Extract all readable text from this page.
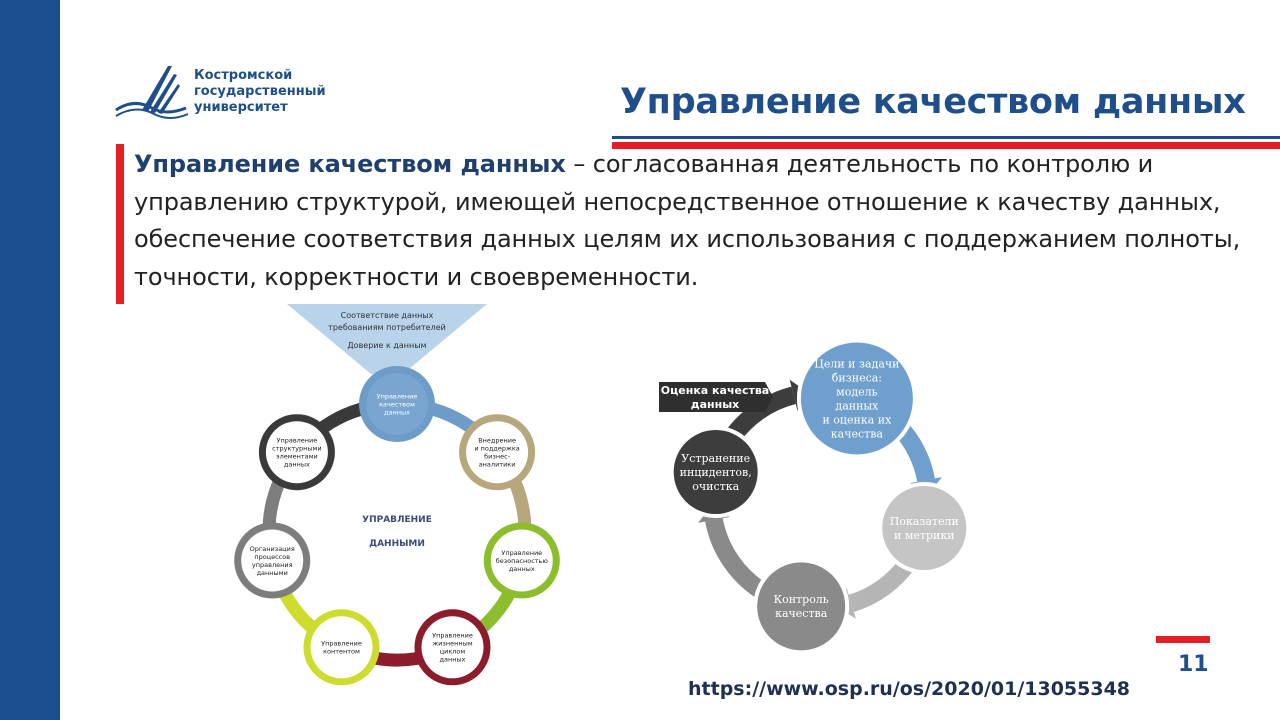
Костромской
государственный
университет	Управление качеством данных
Управление качеством данных – согласованная деятельность по контролю и управлению структурой, имеющей непосредственное отношение к качеству данных, обеспечение соответствия данных целям их использования с поддержанием полноты, точности, корректности и своевременности.
Соответствие данных
требованиям потребителей
Доверие к данным
Управление
качеством
данных
Внедрение
и поддержка
бизнес-
аналитики
Управление
безопасностью
данных
Управление
жизненным
циклом
данных
Управление
контентом
Организация
процессов
управления
данными
Управление
структурными
элементами
данных
УПРАВЛЕНИЕ
ДАННЫМИ
Оценка качества
данных
Цели и задачи
бизнеса:
модель
данных
и оценка их
качества
Показатели
и метрики
Контроль
качества
Устранение
инцидентов,
очистка
11
https://www.osp.ru/os/2020/01/13055348
